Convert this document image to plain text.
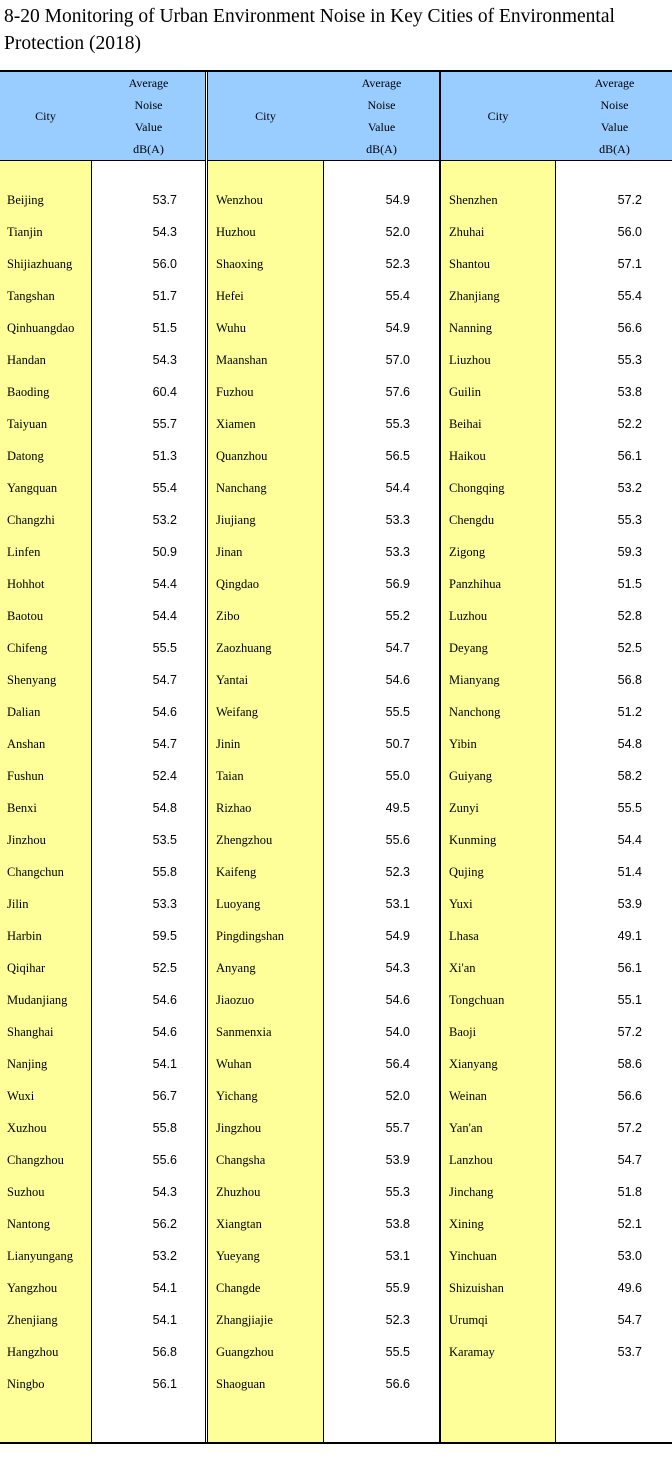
8-20 Monitoring of Urban Environment Noise in Key Cities of Environmental Protection (2018)
City
Average
Noise
Value
dB(A)
Beijing	53.7
Tianjin	54.3
Shijiazhuang	56.0
Tangshan	51.7
Qinhuangdao	51.5
Handan	54.3
Baoding	60.4
Taiyuan	55.7
Datong	51.3
Yangquan	55.4
Changzhi	53.2
Linfen	50.9
Hohhot	54.4
Baotou	54.4
Chifeng	55.5
Shenyang	54.7
Dalian	54.6
Anshan	54.7
Fushun	52.4
Benxi	54.8
Jinzhou	53.5
Changchun	55.8
Jilin	53.3
Harbin	59.5
Qiqihar	52.5
Mudanjiang	54.6
Shanghai	54.6
Nanjing	54.1
Wuxi	56.7
Xuzhou	55.8
Changzhou	55.6
Suzhou	54.3
Nantong	56.2
Lianyungang	53.2
Yangzhou	54.1
Zhenjiang	54.1
Hangzhou	56.8
Ningbo	56.1
City
Average
Noise
Value
dB(A)
Wenzhou	54.9
Huzhou	52.0
Shaoxing	52.3
Hefei	55.4
Wuhu	54.9
Maanshan	57.0
Fuzhou	57.6
Xiamen	55.3
Quanzhou	56.5
Nanchang	54.4
Jiujiang	53.3
Jinan	53.3
Qingdao	56.9
Zibo	55.2
Zaozhuang	54.7
Yantai	54.6
Weifang	55.5
Jinin	50.7
Taian	55.0
Rizhao	49.5
Zhengzhou	55.6
Kaifeng	52.3
Luoyang	53.1
Pingdingshan	54.9
Anyang	54.3
Jiaozuo	54.6
Sanmenxia	54.0
Wuhan	56.4
Yichang	52.0
Jingzhou	55.7
Changsha	53.9
Zhuzhou	55.3
Xiangtan	53.8
Yueyang	53.1
Changde	55.9
Zhangjiajie	52.3
Guangzhou	55.5
Shaoguan	56.6
City
Average
Noise
Value
dB(A)
Shenzhen	57.2
Zhuhai	56.0
Shantou	57.1
Zhanjiang	55.4
Nanning	56.6
Liuzhou	55.3
Guilin	53.8
Beihai	52.2
Haikou	56.1
Chongqing	53.2
Chengdu	55.3
Zigong	59.3
Panzhihua	51.5
Luzhou	52.8
Deyang	52.5
Mianyang	56.8
Nanchong	51.2
Yibin	54.8
Guiyang	58.2
Zunyi	55.5
Kunming	54.4
Qujing	51.4
Yuxi	53.9
Lhasa	49.1
Xi'an	56.1
Tongchuan	55.1
Baoji	57.2
Xianyang	58.6
Weinan	56.6
Yan'an	57.2
Lanzhou	54.7
Jinchang	51.8
Xining	52.1
Yinchuan	53.0
Shizuishan	49.6
Urumqi	54.7
Karamay	53.7
